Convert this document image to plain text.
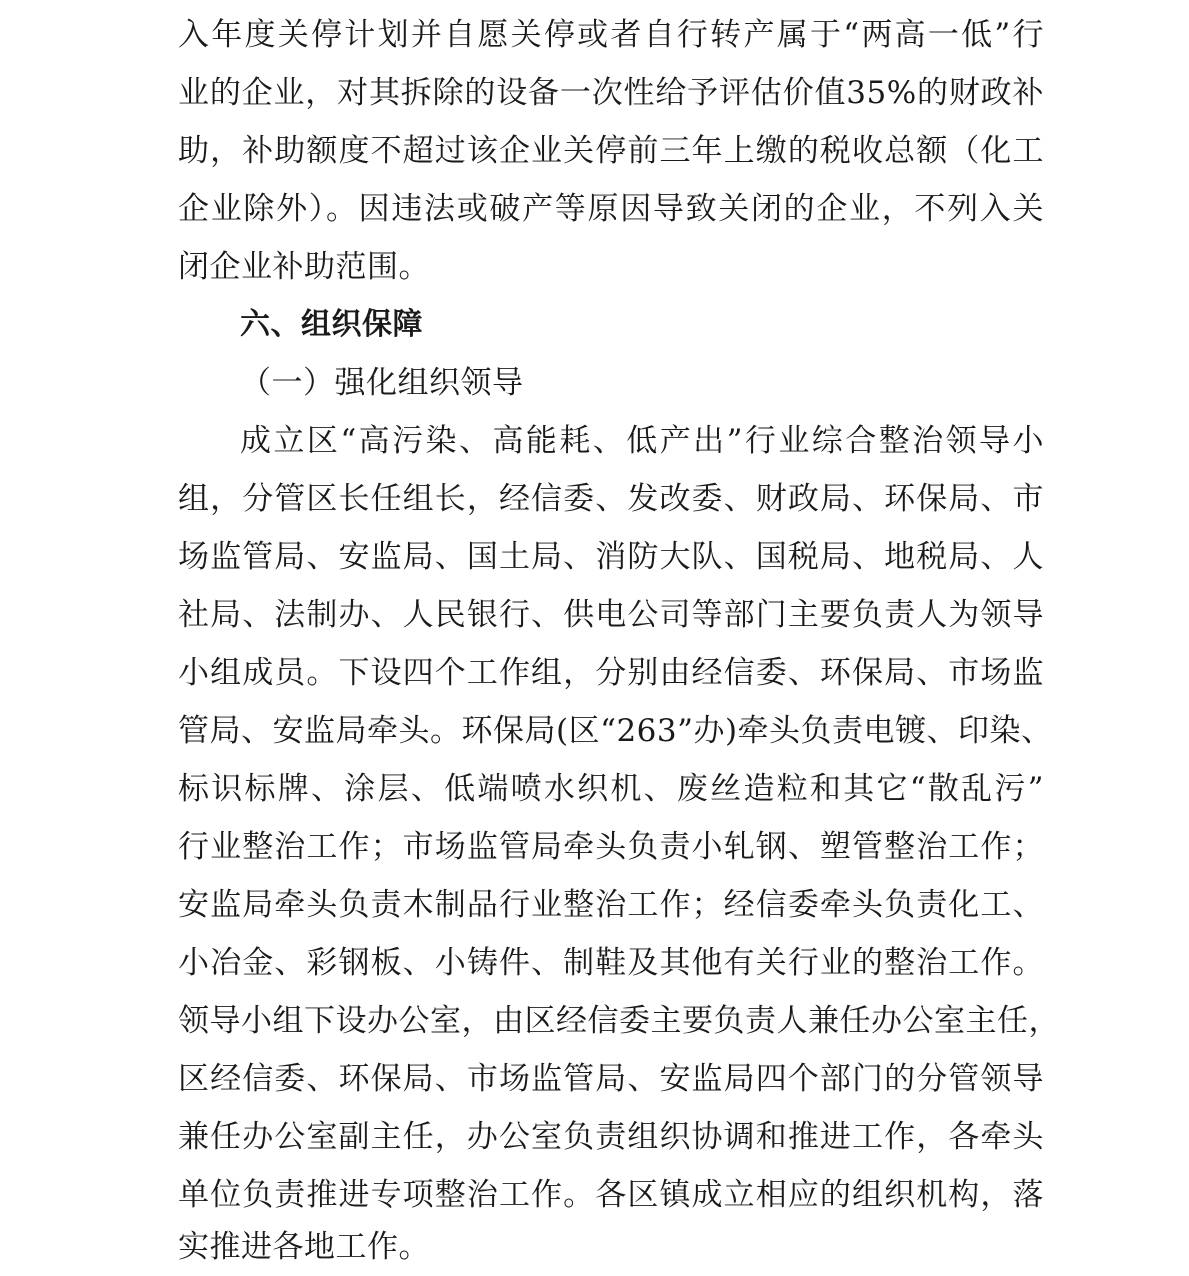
入年度关停计划并自愿关停或者自行转产属于“两高一低”行
业的企业，对其拆除的设备一次性给予评估价值35%的财政补
助，补助额度不超过该企业关停前三年上缴的税收总额（化工
企业除外）。因违法或破产等原因导致关闭的企业，不列入关
闭企业补助范围。
六、组织保障
（一）强化组织领导
成立区“高污染、高能耗、低产出”行业综合整治领导小
组，分管区长任组长，经信委、发改委、财政局、环保局、市
场监管局、安监局、国土局、消防大队、国税局、地税局、人
社局、法制办、人民银行、供电公司等部门主要负责人为领导
小组成员。下设四个工作组，分别由经信委、环保局、市场监
管局、安监局牵头。环保局(区“263”办)牵头负责电镀、印染、
标识标牌、涂层、低端喷水织机、废丝造粒和其它“散乱污”
行业整治工作；市场监管局牵头负责小轧钢、塑管整治工作；
安监局牵头负责木制品行业整治工作；经信委牵头负责化工、
小冶金、彩钢板、小铸件、制鞋及其他有关行业的整治工作。
领导小组下设办公室，由区经信委主要负责人兼任办公室主任，
区经信委、环保局、市场监管局、安监局四个部门的分管领导
兼任办公室副主任，办公室负责组织协调和推进工作，各牵头
单位负责推进专项整治工作。各区镇成立相应的组织机构，落
实推进各地工作。
